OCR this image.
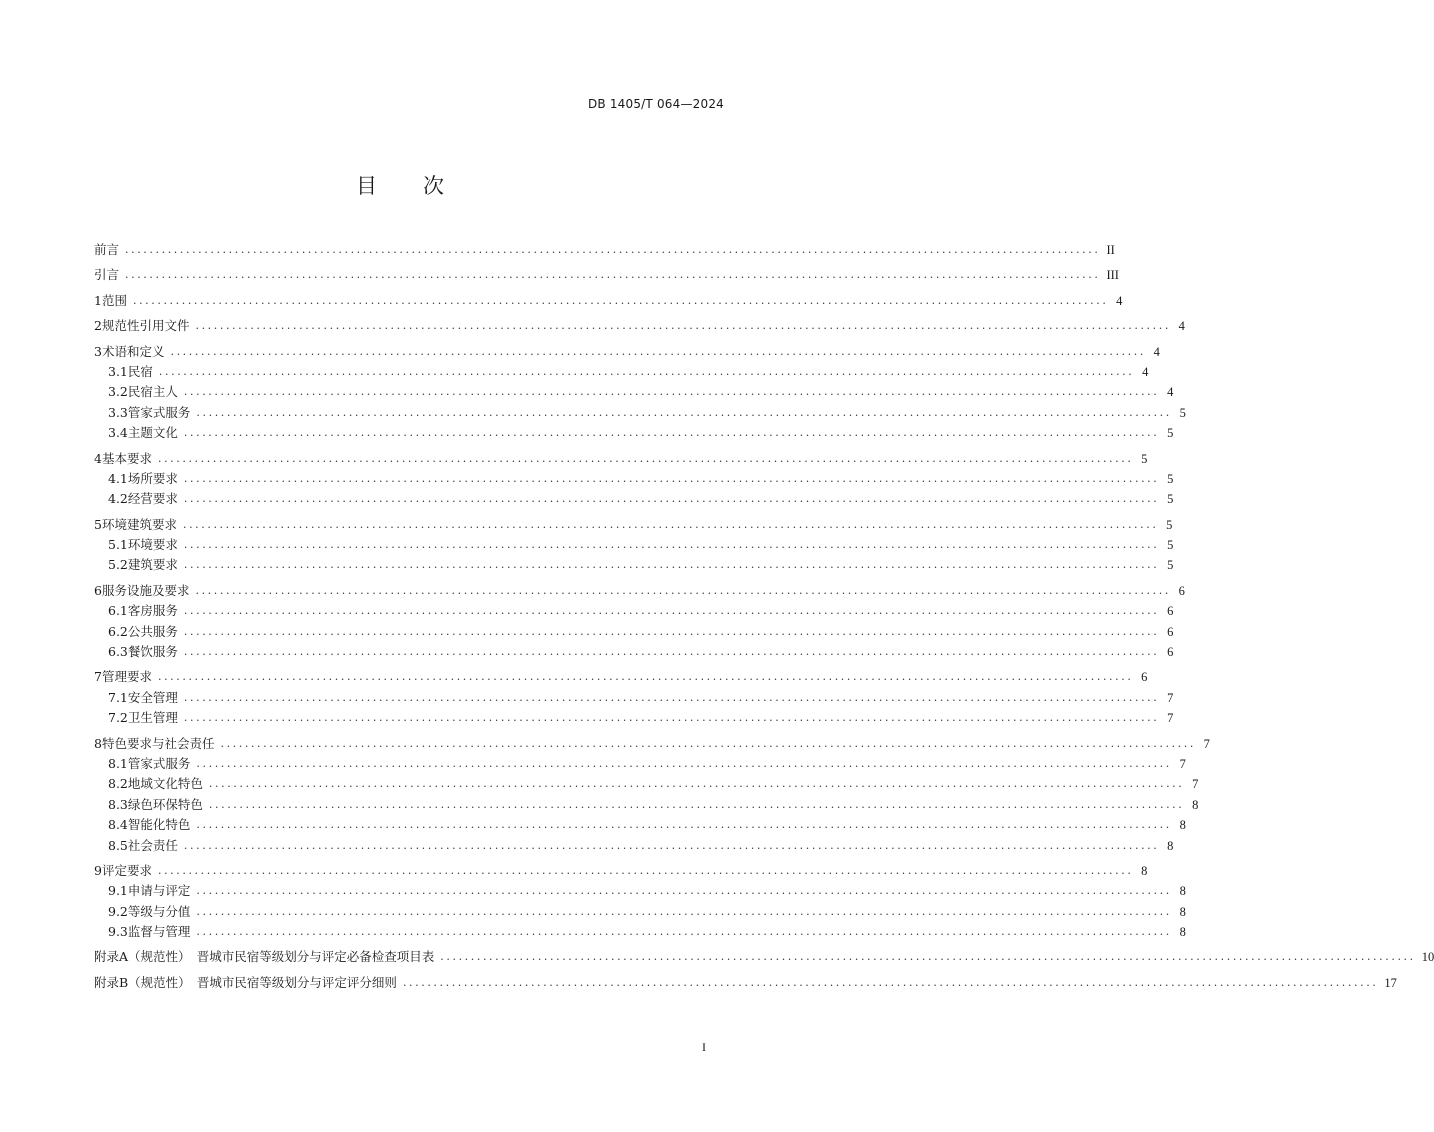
DB 1405/T 064—2024
目 次
前言 ................................................................................................................................................................ II
引言 ................................................................................................................................................................ III
1 范围 ................................................................................................................................................................ 4
2 规范性引用文件 ................................................................................................................................................................ 4
3 术语和定义 ................................................................................................................................................................ 4
3.1 民宿 ................................................................................................................................................................ 4
3.2 民宿主人 ................................................................................................................................................................ 4
3.3 管家式服务 ................................................................................................................................................................ 5
3.4 主题文化 ................................................................................................................................................................ 5
4 基本要求 ................................................................................................................................................................ 5
4.1 场所要求 ................................................................................................................................................................ 5
4.2 经营要求 ................................................................................................................................................................ 5
5 环境建筑要求 ................................................................................................................................................................ 5
5.1 环境要求 ................................................................................................................................................................ 5
5.2 建筑要求 ................................................................................................................................................................ 5
6 服务设施及要求 ................................................................................................................................................................ 6
6.1 客房服务 ................................................................................................................................................................ 6
6.2 公共服务 ................................................................................................................................................................ 6
6.3 餐饮服务 ................................................................................................................................................................ 6
7 管理要求 ................................................................................................................................................................ 6
7.1 安全管理 ................................................................................................................................................................ 7
7.2 卫生管理 ................................................................................................................................................................ 7
8 特色要求与社会责任 ................................................................................................................................................................ 7
8.1 管家式服务 ................................................................................................................................................................ 7
8.2 地域文化特色 ................................................................................................................................................................ 7
8.3 绿色环保特色 ................................................................................................................................................................ 8
8.4 智能化特色 ................................................................................................................................................................ 8
8.5 社会责任 ................................................................................................................................................................ 8
9 评定要求 ................................................................................................................................................................ 8
9.1 申请与评定 ................................................................................................................................................................ 8
9.2 等级与分值 ................................................................................................................................................................ 8
9.3 监督与管理 ................................................................................................................................................................ 8
附录A（规范性）　晋城市民宿等级划分与评定必备检查项目表 ................................................................................................................................................................ 10
附录B（规范性）　晋城市民宿等级划分与评定评分细则 ................................................................................................................................................................ 17
I
